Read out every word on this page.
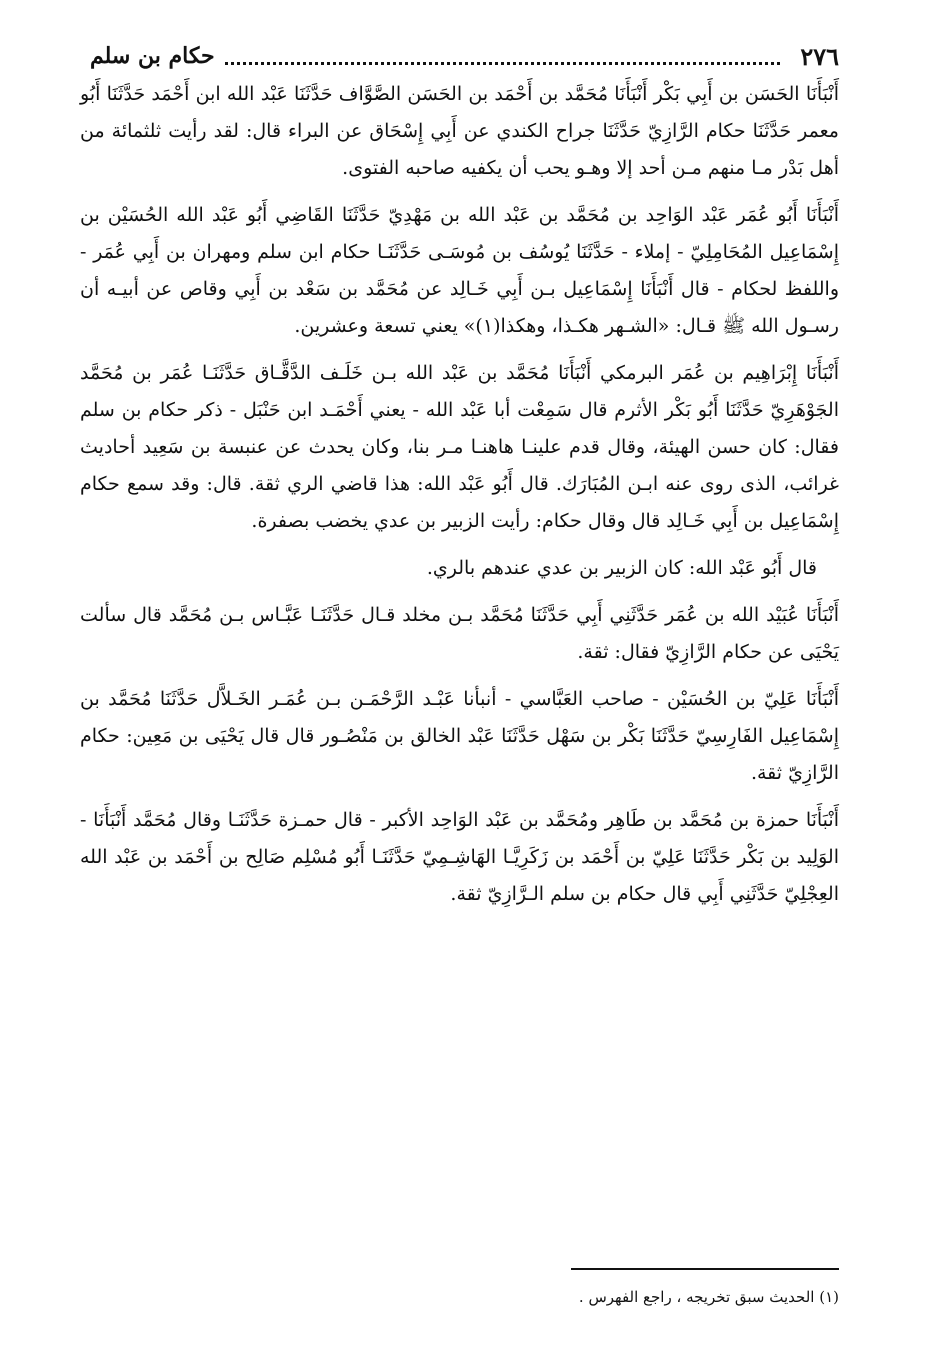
٢٧٦
حكام بن سلم

أَنْبَأَنَا الحَسَن بن أَبِي بَكْر أَنْبَأَنَا مُحَمَّد بن أَحْمَد بن الحَسَن الصَّوَّاف حَدَّثَنَا عَبْد الله ابن أَحْمَد حَدَّثَنَا أَبُو معمر حَدَّثَنَا حكام الرَّازِيّ حَدَّثَنَا جراح الكندي عن أَبِي إِسْحَاق عن البراء قال: لقد رأيت ثلثمائة من أهل بَدْر مـا منهم مـن أحد إلا وهـو يحب أن يكفيه صاحبه الفتوى.

أَنْبَأَنَا أَبُو عُمَر عَبْد الوَاحِد بن مُحَمَّد بن عَبْد الله بن مَهْدِيّ حَدَّثَنَا القَاضِي أَبُو عَبْد الله الحُسَيْن بن إِسْمَاعِيل المُحَامِلِيّ - إملاء - حَدَّثَنَا يُوسُف بن مُوسَـى حَدَّثَنَـا حكام ابن سلم ومهران بن أَبِي عُمَر - واللفظ لحكام - قال أَنْبَأَنَا إِسْمَاعِيل بـن أَبِي خَـالِد عن مُحَمَّد بن سَعْد بن أَبِي وقاص عن أبيـه أن رسـول الله ﷺ قـال: «الشـهر هكـذا، وهكذا(١)» يعني تسعة وعشرين.

أَنْبَأَنَا إِبْرَاهِيم بن عُمَر البرمكي أَنْبَأَنَا مُحَمَّد بن عَبْد الله بـن خَلَـف الدَّقَّـاق حَدَّثَنَـا عُمَر بن مُحَمَّد الجَوْهَرِيّ حَدَّثَنَا أَبُو بَكْر الأثرم قال سَمِعْت أبا عَبْد الله - يعني أَحْمَـد ابن حَنْبَل - ذكر حكام بن سلم فقال: كان حسن الهيئة، وقال قدم علينـا هاهنـا مـر بنا، وكان يحدث عن عنبسة بن سَعِيد أحاديث غرائب، الذى روى عنه ابـن المُبَارَك. قال أَبُو عَبْد الله: هذا قاضي الري ثقة. قال: وقد سمع حكام إِسْمَاعِيل بن أَبِي خَـالِد قال وقال حكام: رأيت الزبير بن عدي يخضب بصفرة.

قال أَبُو عَبْد الله: كان الزبير بن عدي عندهم بالري.

أَنْبَأَنَا عُبَيْد الله بن عُمَر حَدَّثَنِي أَبِي حَدَّثَنَا مُحَمَّد بـن مخلد قـال حَدَّثَنَـا عَبَّـاس بـن مُحَمَّد قال سألت يَحْيَى عن حكام الرَّازِيّ فقال: ثقة.

أَنْبَأَنَا عَلِيّ بن الحُسَيْن - صاحب العَبَّاسي - أنبأنا عَبْـد الرَّحْمَـن بـن عُمَـر الخَـلاَّل حَدَّثَنَا مُحَمَّد بن إِسْمَاعِيل الفَارِسِيّ حَدَّثَنَا بَكْر بن سَهْل حَدَّثَنَا عَبْد الخالق بن مَنْصُـور قال قال يَحْيَى بن مَعِين: حكام الرَّازِيّ ثقة.

أَنْبَأَنَا حمزة بن مُحَمَّد بن طَاهِر ومُحَمَّد بن عَبْد الوَاحِد الأكبر - قال حمـزة حَدَّثَنَـا وقال مُحَمَّد أَنْبَأَنَا - الوَلِيد بن بَكْر حَدَّثَنَا عَلِيّ بن أَحْمَد بن زَكَرِيَّـا الهَاشِـمِيّ حَدَّثَنَـا أَبُو مُسْلِم صَالِح بن أَحْمَد بن عَبْد الله العِجْلِيّ حَدَّثَنِي أَبِي قال حكام بن سلم الـرَّازِيّ ثقة.

(١) الحديث سبق تخريجه ، راجع الفهرس .
